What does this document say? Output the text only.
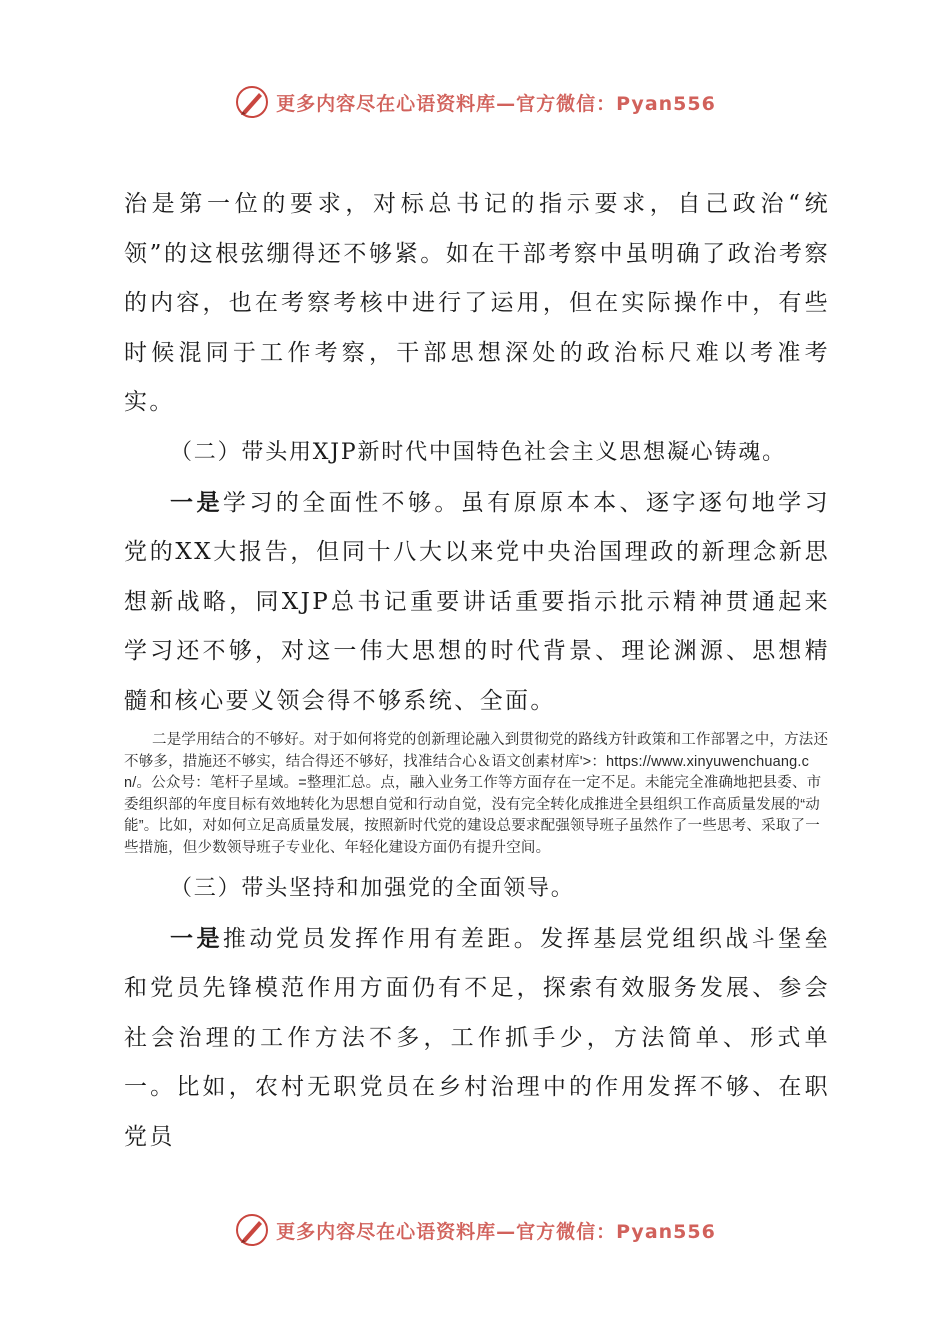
更多内容尽在心语资料库—官方微信：Pyan556

治是第一位的要求，对标总书记的指示要求，自己政治“统领”的这根弦绷得还不够紧。如在干部考察中虽明确了政治考察的内容，也在考察考核中进行了运用，但在实际操作中，有些时候混同于工作考察，干部思想深处的政治标尺难以考准考实。

（二）带头用XJP新时代中国特色社会主义思想凝心铸魂。

一是学习的全面性不够。虽有原原本本、逐字逐句地学习党的XX大报告，但同十八大以来党中央治国理政的新理念新思想新战略，同XJP总书记重要讲话重要指示批示精神贯通起来学习还不够，对这一伟大思想的时代背景、理论渊源、思想精髓和核心要义领会得不够系统、全面。

二是学用结合的不够好。对于如何将党的创新理论融入到贯彻党的路线方针政策和工作部署之中，方法还不够多，措施还不够实，结合得还不够好，找准结合心＆语文创素材库'>：https://www.xinyuwenchuang.cn/。公众号：笔杆子星域。=整理汇总。点，融入业务工作等方面存在一定不足。未能完全准确地把县委、市委组织部的年度目标有效地转化为思想自觉和行动自觉，没有完全转化成推进全县组织工作高质量发展的“动能”。比如，对如何立足高质量发展，按照新时代党的建设总要求配强领导班子虽然作了一些思考、采取了一些措施，但少数领导班子专业化、年轻化建设方面仍有提升空间。

（三）带头坚持和加强党的全面领导。

一是推动党员发挥作用有差距。发挥基层党组织战斗堡垒和党员先锋模范作用方面仍有不足，探索有效服务发展、参会社会治理的工作方法不多，工作抓手少，方法简单、形式单一。比如，农村无职党员在乡村治理中的作用发挥不够、在职党员

更多内容尽在心语资料库—官方微信：Pyan556
